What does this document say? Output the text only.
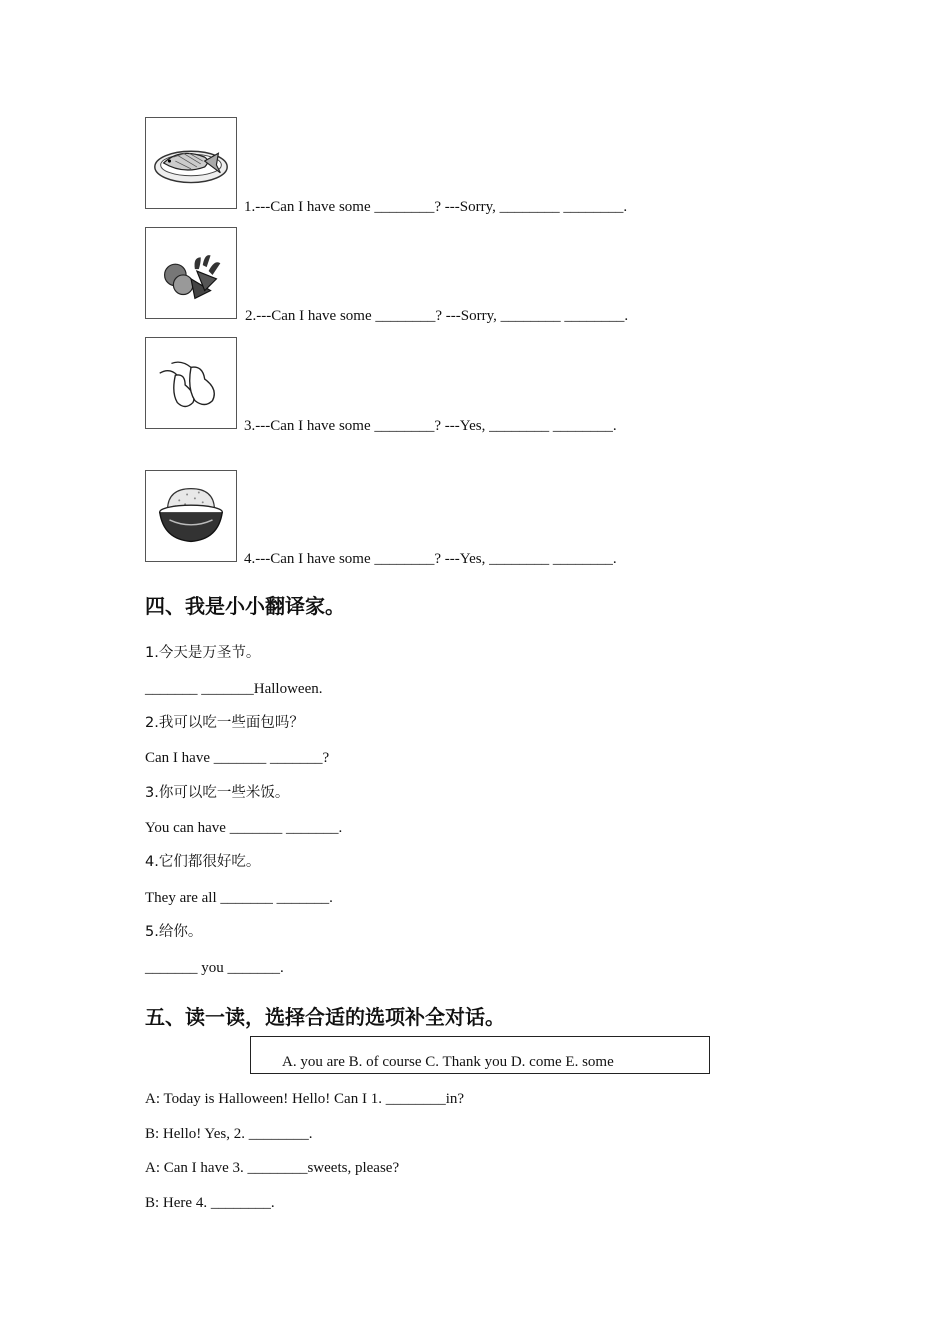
1.---Can I have some ________? ---Sorry, ________ ________.
2.---Can I have some ________? ---Sorry, ________ ________.
3.---Can I have some ________? ---Yes, ________ ________.
4.---Can I have some ________? ---Yes, ________ ________.
四、我是小小翻译家。
1.今天是万圣节。
_______ _______Halloween.
2.我可以吃一些面包吗？
Can I have _______ _______?
3.你可以吃一些米饭。
You can have _______ _______.
4.它们都很好吃。
They are all _______ _______.
5.给你。
_______ you _______.
五、读一读，选择合适的选项补全对话。
A. you are B. of course C. Thank you D. come E. some
A: Today is Halloween! Hello! Can I 1. ________in?
B: Hello! Yes, 2. ________.
A: Can I have 3. ________sweets, please?
B: Here 4. ________.
